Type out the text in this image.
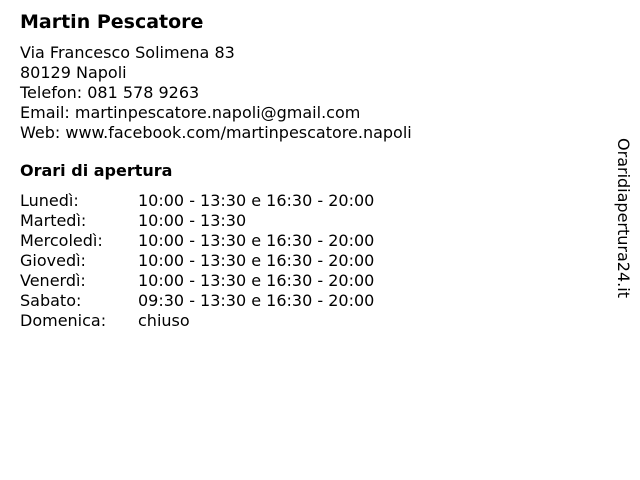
Martin Pescatore
Via Francesco Solimena 83
80129 Napoli
Telefon: 081 578 9263
Email: martinpescatore.napoli@gmail.com
Web: www.facebook.com/martinpescatore.napoli
Orari di apertura
Lunedì:	10:00 - 13:30 e 16:30 - 20:00
Martedì:	10:00 - 13:30
Mercoledì:	10:00 - 13:30 e 16:30 - 20:00
Giovedì:	10:00 - 13:30 e 16:30 - 20:00
Venerdì:	10:00 - 13:30 e 16:30 - 20:00
Sabato:	09:30 - 13:30 e 16:30 - 20:00
Domenica:	chiuso
Oraridiapertura24.it
